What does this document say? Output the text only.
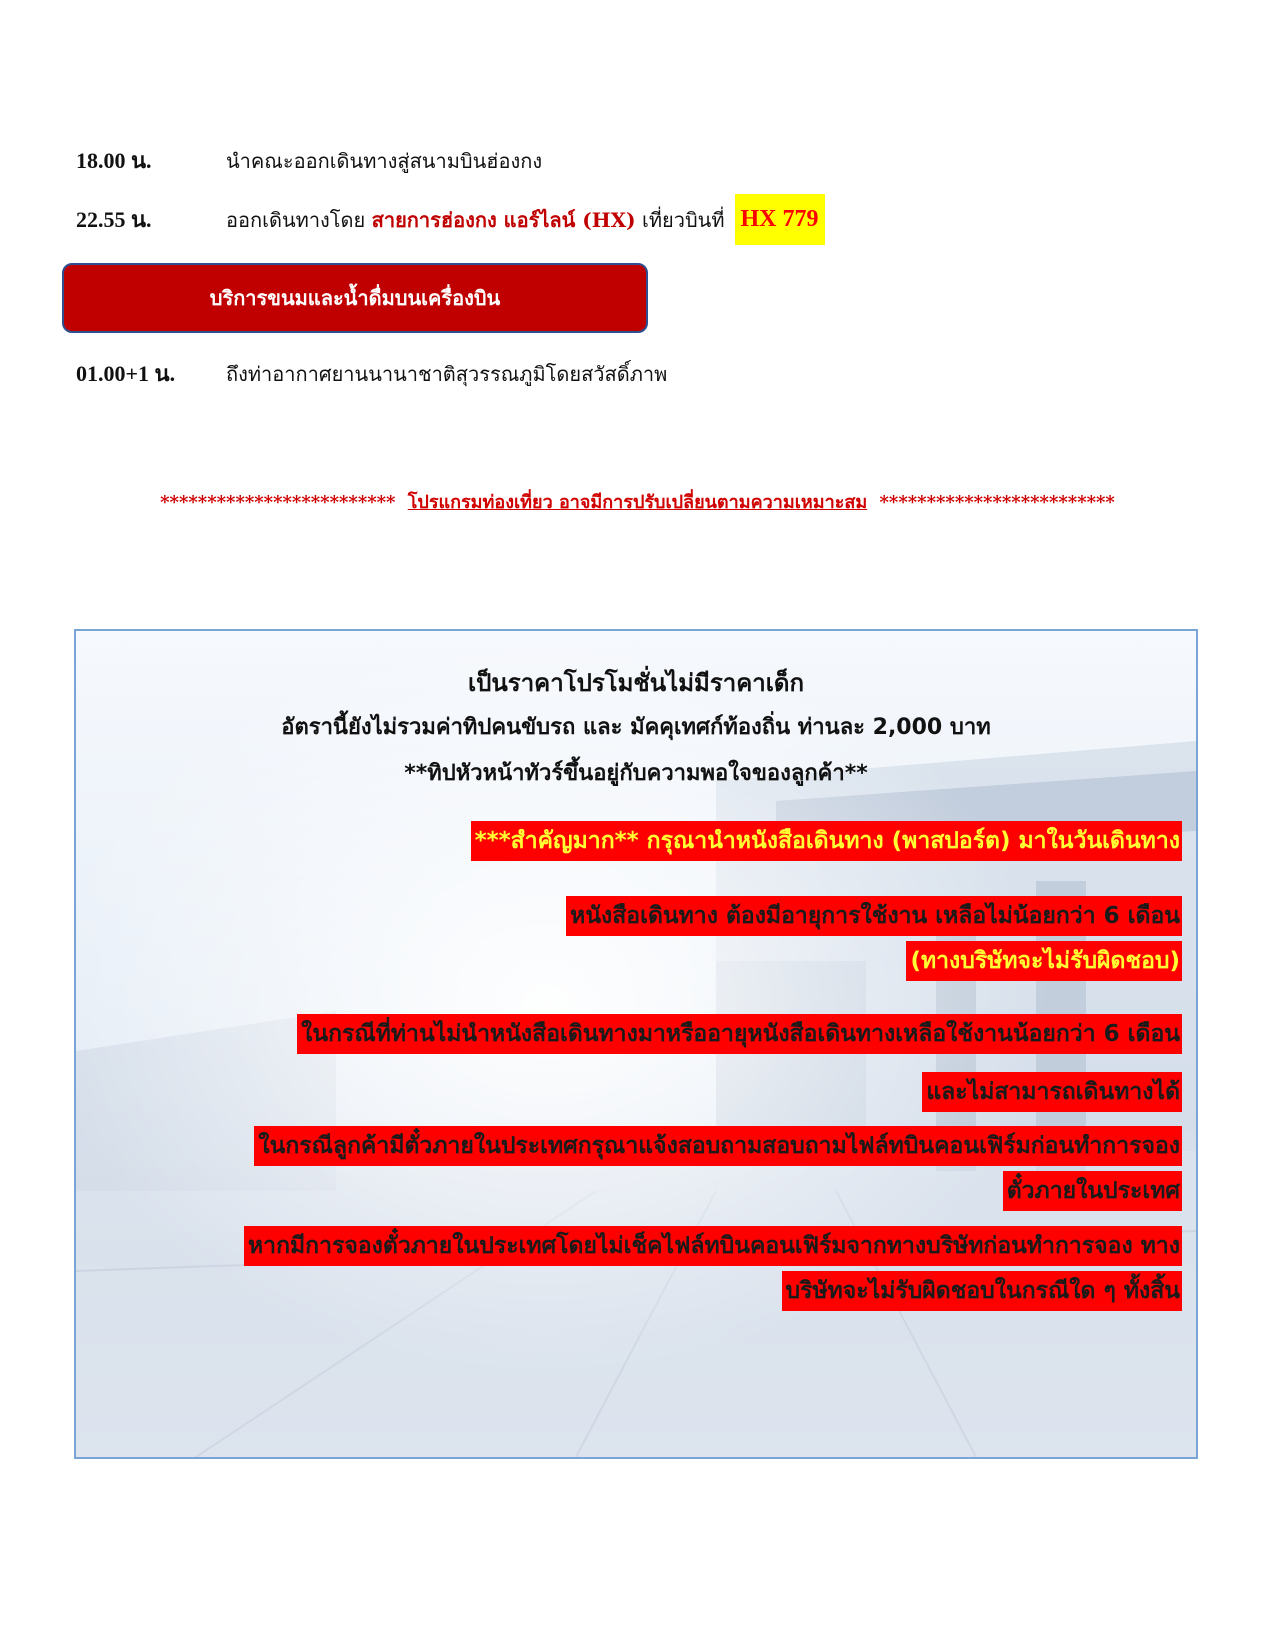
18.00 น.	นำคณะออกเดินทางสู่สนามบินฮ่องกง
22.55 น.	ออกเดินทางโดย สายการฮ่องกง แอร์ไลน์ (HX) เที่ยวบินที่ HX 779
บริการขนมและน้ำดื่มบนเครื่องบิน
01.00+1 น.	ถึงท่าอากาศยานนานาชาติสุวรรณภูมิโดยสวัสดิ์ภาพ
************************* โปรแกรมท่องเที่ยว อาจมีการปรับเปลี่ยนตามความเหมาะสม *************************
เป็นราคาโปรโมชั่นไม่มีราคาเด็ก
อัตรานี้ยังไม่รวมค่าทิปคนขับรถ และ มัคคุเทศก์ท้องถิ่น ท่านละ 2,000 บาท
**ทิปหัวหน้าทัวร์ขึ้นอยู่กับความพอใจของลูกค้า**
***สำคัญมาก** กรุณานำหนังสือเดินทาง (พาสปอร์ต) มาในวันเดินทาง
หนังสือเดินทาง ต้องมีอายุการใช้งาน เหลือไม่น้อยกว่า 6 เดือน
(ทางบริษัทจะไม่รับผิดชอบ)
ในกรณีที่ท่านไม่นำหนังสือเดินทางมาหรืออายุหนังสือเดินทางเหลือใช้งานน้อยกว่า 6 เดือน
และไม่สามารถเดินทางได้
ในกรณีลูกค้ามีตั๋วภายในประเทศกรุณาแจ้งสอบถามสอบถามไฟล์ทบินคอนเฟิร์มก่อนทำการจอง
ตั๋วภายในประเทศ
หากมีการจองตั๋วภายในประเทศโดยไม่เช็คไฟล์ทบินคอนเฟิร์มจากทางบริษัทก่อนทำการจอง ทาง
บริษัทจะไม่รับผิดชอบในกรณีใด ๆ ทั้งสิ้น
